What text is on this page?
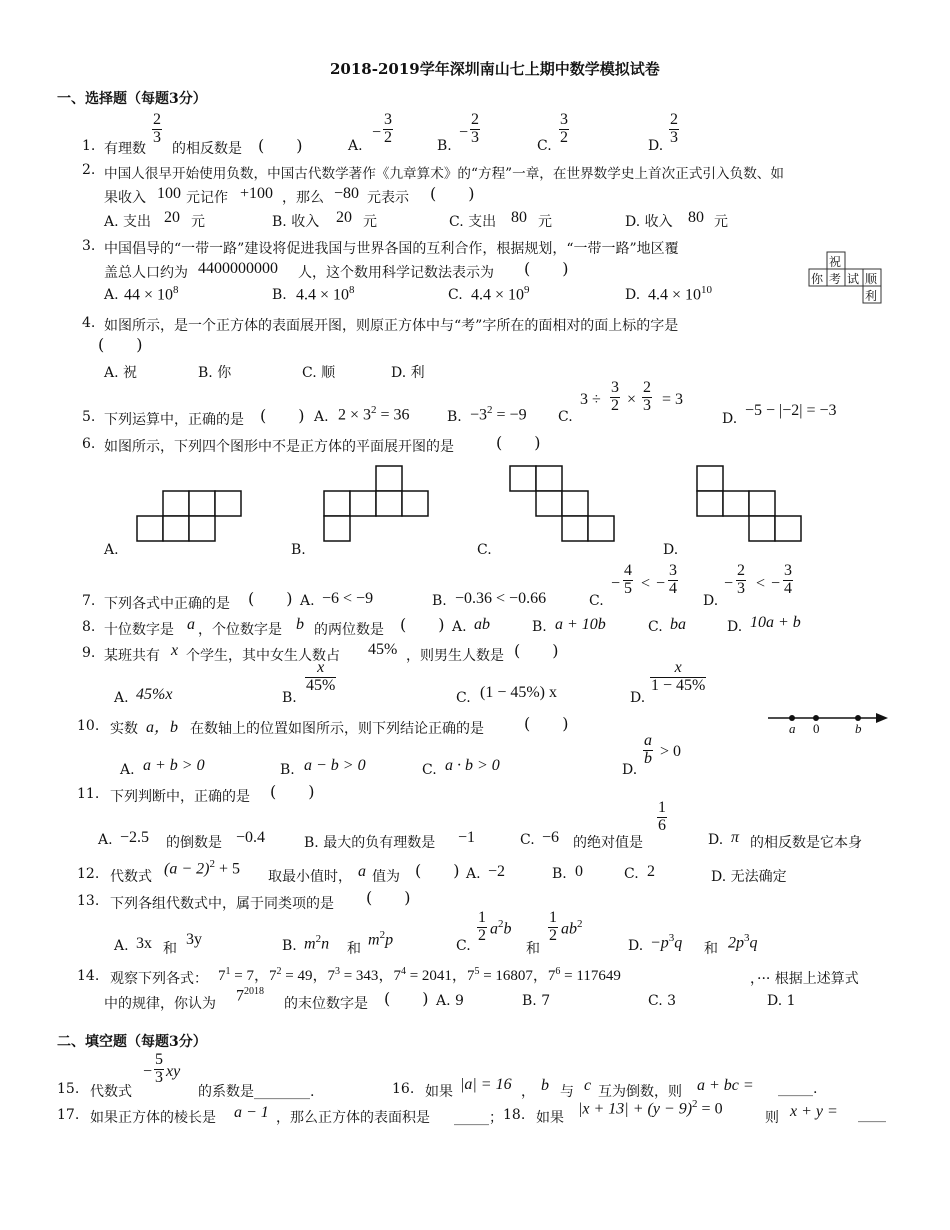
2018-2019学年深圳南山七上期中数学模拟试卷
一、选择题（每题3分）
1. 有理数
$\frac{2}{3}$
的相反数是 (　　)	A.
− $\frac{3}{2}$	B.
− $\frac{2}{3}$	C. $\frac{3}{2}$	D. $\frac{2}{3}$
2. 中国人很早开始使用负数，中国古代数学著作《九章算术》的“方程”一章，在世界数学史上首次正式引入负数、如
果收入 100 元记作 +100 ，那么 −80 元表示 (　　)
A. 支出 20 元	B. 收入 20 元	C. 支出 80 元	D. 收入 80 元
3. 中国倡导的“一带一路”建设将促进我国与世界各国的互利合作，根据规划，“一带一路”地区覆
盖总人口约为 4400000000 人，这个数用科学记数法表示为 (　　)
A. $44 \times 10^8$	B. $4.4 \times 10^8$	C. $4.4 \times 10^9$	D. $4.4 \times 10^{10}$
祝
你 考 试 顺
利
4. 如图所示，是一个正方体的表面展开图，则原正方体中与“考”字所在的面相对的面上标的字是
(　　)
A. 祝	B. 你	C. 顺	D. 利
5. 下列运算中，正确的是 (　　) A. $2 \times 3^2 = 36$	B. $-3^2 = -9$ C.
$3 \div \frac{3}{2} \times \frac{2}{3} = 3$
D. −5 − |−2| = −3
6. 如图所示，下列四个图形中不是正方体的平面展开图的是	(　　)
A.	B.	C.	D.
7. 下列各式中正确的是 (　　) A. −6 < −9	B. −0.36 < −0.66	C.
− $\frac{4}{5}$ < − $\frac{3}{4}$
D.
− $\frac{2}{3}$ < − $\frac{3}{4}$
8. 十位数字是 a ，个位数字是 b 的两位数是 (　　) A. ab	B. a + 10b	C. ba	D. 10a + b
9. 某班共有 x 个学生，其中女生人数占 45% ，则男生人数是 (　　)
A. 45%x	B.
$\frac{x}{45\%}$
C. (1 − 45%) x	D.
$\frac{x}{1 - 45\%}$
10. 实数 a，b 在数轴上的位置如图所示，则下列结论正确的是	(　　)	a 0	b
A. a + b > 0	B. a − b > 0	C. a · b > 0	D.
$\frac{a}{b} > 0$
11. 下列判断中，正确的是 (　　)
A. −2.5 的倒数是 −0.4	B. 最大的负有理数是 −1	C. −6 的绝对值是
$\frac{1}{6}$
D. π 的相反数是它本身
12. 代数式 $(a - 2)^2 + 5$ 取最小值时， a 值为 (　　) A. −2	B. 0	C. 2	D. 无法确定
13. 下列各组代数式中，属于同类项的是 (　　)
A. 3x 和
3y	B. $m^2n$ 和
$m^2p$	C.
$\frac{1}{2} a^2b$
和
$\frac{1}{2} ab^2$
D. $-p^3q$ 和 $2p^3q$
14. 观察下列各式： $7^1 = 7$，$7^2 = 49$，$7^3 = 343$，$7^4 = 2041$，$7^5 = 16807$，$7^6 = 117649$	，··· 根据上述算式
中的规律，你认为 $7^{2018}$
的末位数字是 (　　) A. 9	B. 7	C. 3	D. 1
二、填空题（每题3分）
15. 代数式
− $\frac{5}{3}$ xy
的系数是________.	16. 如果 |a| = 16 ， b 与 c 互为倒数，则 a + bc = _____.
17. 如果正方体的棱长是 a − 1 ，那么正方体的表面积是 _____； 18. 如果
$|x + 13| + (y - 9)^2 = 0$
则 x + y = ____
